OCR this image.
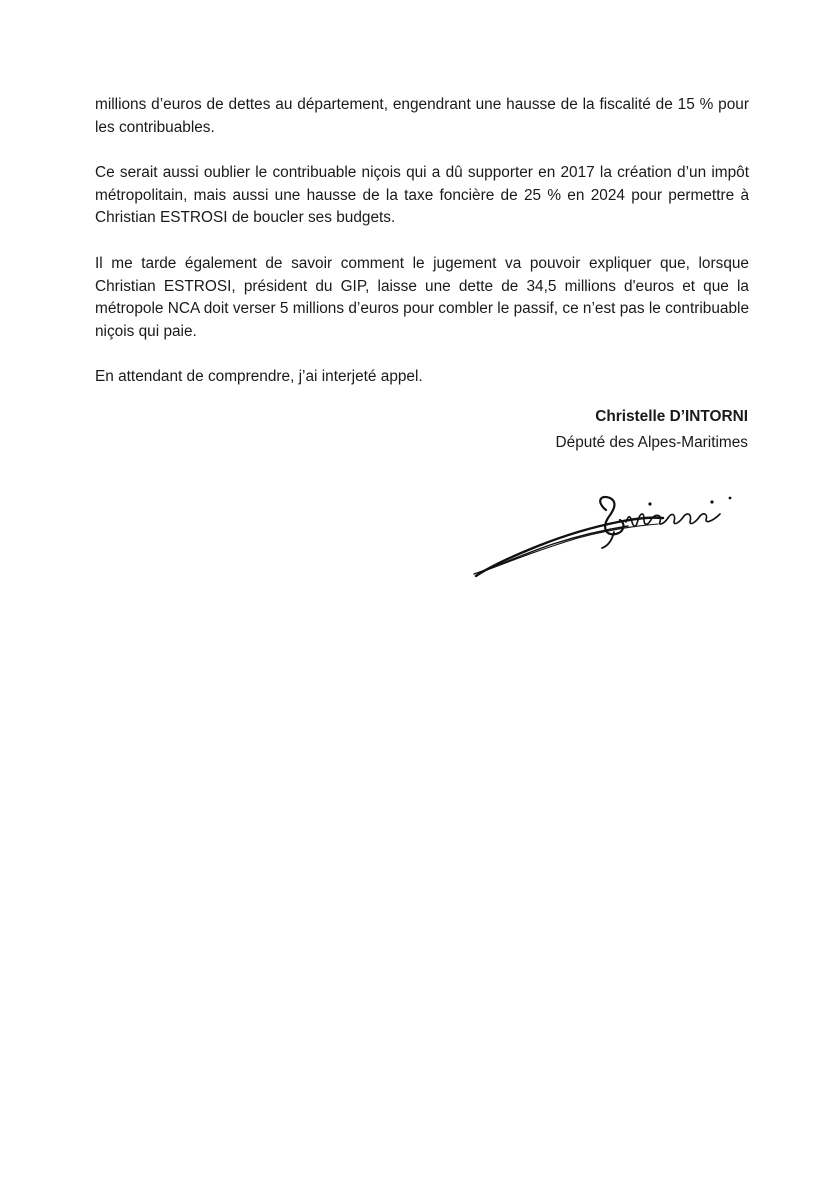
millions d’euros de dettes au département, engendrant une hausse de la fiscalité de 15 % pour les contribuables.

Ce serait aussi oublier le contribuable niçois qui a dû supporter en 2017 la création d’un impôt métropolitain, mais aussi une hausse de la taxe foncière de 25 % en 2024 pour permettre à Christian ESTROSI de boucler ses budgets.

Il me tarde également de savoir comment le jugement va pouvoir expliquer que, lorsque Christian ESTROSI, président du GIP, laisse une dette de 34,5 millions d'euros et que la métropole NCA doit verser 5 millions d’euros pour combler le passif, ce n’est pas le contribuable niçois qui paie.

En attendant de comprendre, j’ai interjeté appel.

Christelle D’INTORNI

Député des Alpes-Maritimes
